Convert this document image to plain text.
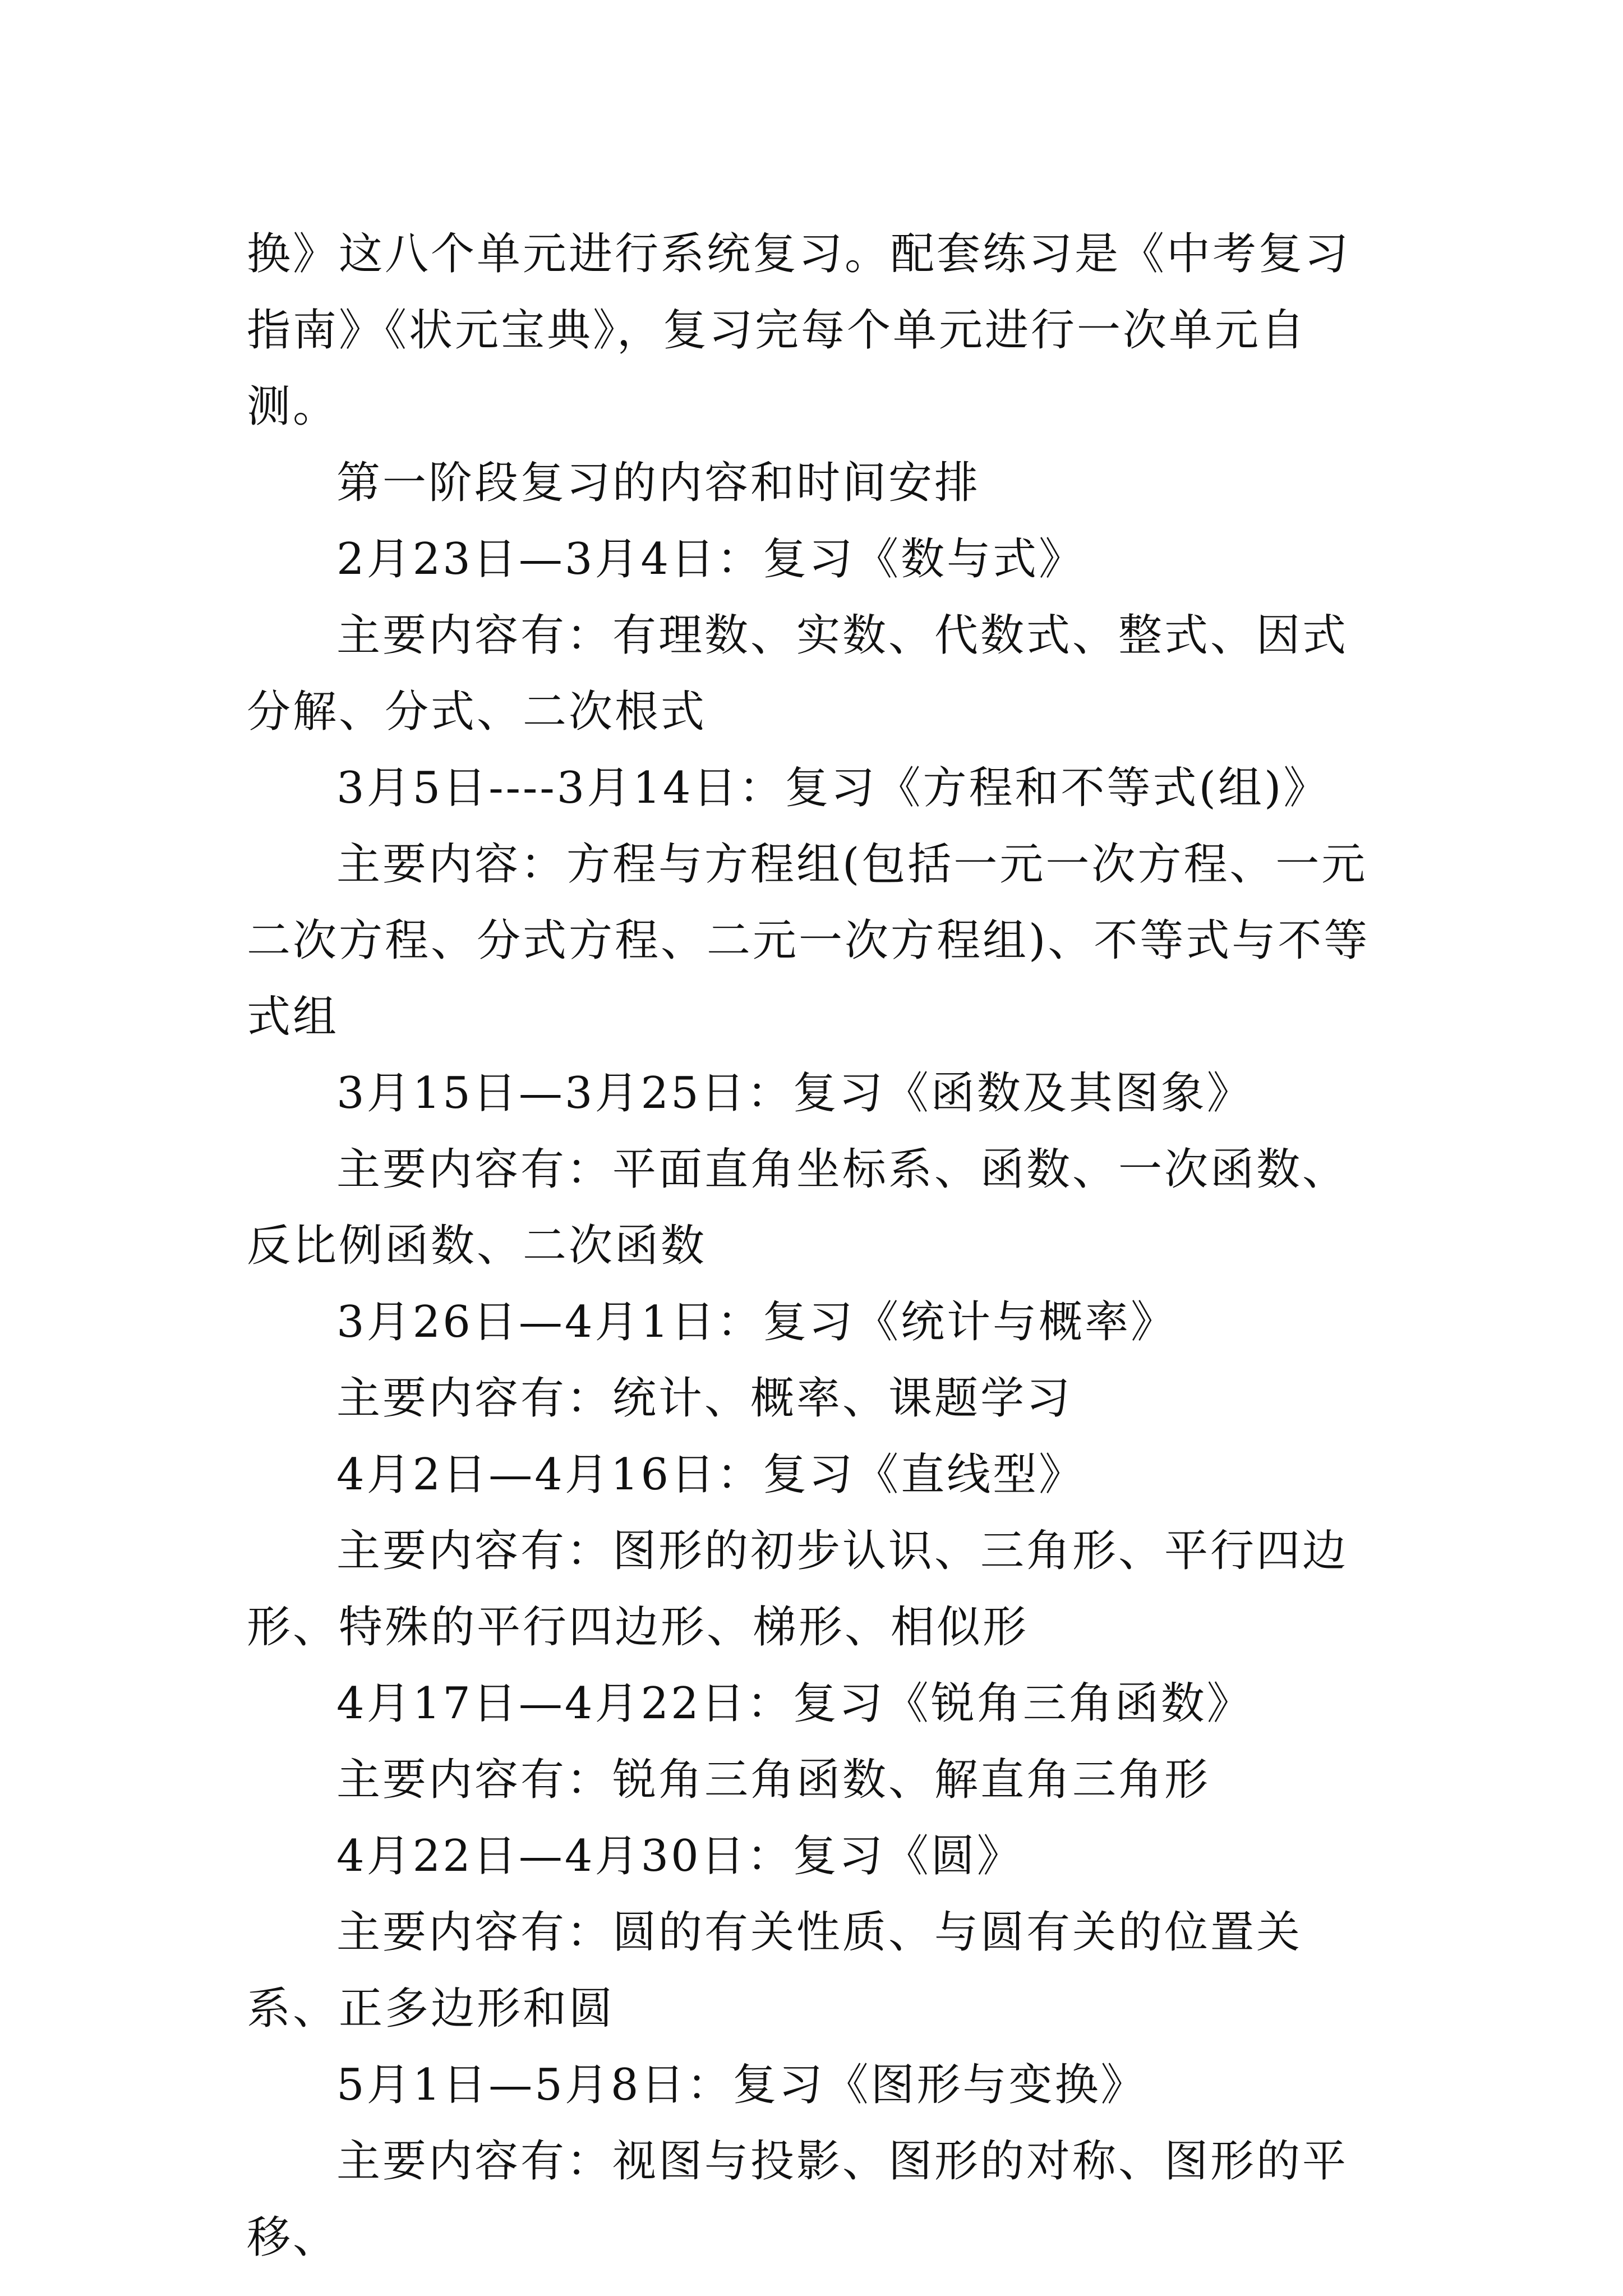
换》这八个单元进行系统复习。配套练习是《中考复习指南》《状元宝典》，复习完每个单元进行一次单元自测。

第一阶段复习的内容和时间安排

2月23日—3月4日：复习《数与式》

主要内容有：有理数、实数、代数式、整式、因式分解、分式、二次根式

3月5日----3月14日：复习《方程和不等式(组)》

主要内容：方程与方程组(包括一元一次方程、一元二次方程、分式方程、二元一次方程组)、不等式与不等式组

3月15日—3月25日：复习《函数及其图象》

主要内容有：平面直角坐标系、函数、一次函数、反比例函数、二次函数

3月26日—4月1日：复习《统计与概率》

主要内容有：统计、概率、课题学习

4月2日—4月16日：复习《直线型》

主要内容有：图形的初步认识、三角形、平行四边形、特殊的平行四边形、梯形、相似形

4月17日—4月22日：复习《锐角三角函数》

主要内容有：锐角三角函数、解直角三角形

4月22日—4月30日：复习《圆》

主要内容有：圆的有关性质、与圆有关的位置关系、正多边形和圆

5月1日—5月8日：复习《图形与变换》

主要内容有：视图与投影、图形的对称、图形的平移、
